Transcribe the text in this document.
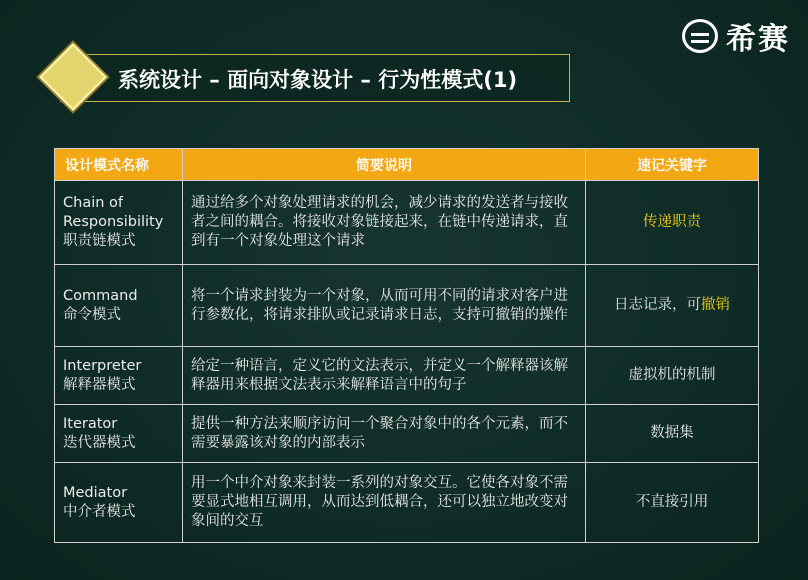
希赛
系统设计 – 面向对象设计 – 行为性模式(1)
设计模式名称	简要说明	速记关键字

Chain of
Responsibility
职责链模式	通过给多个对象处理请求的机会，减少请求的发送者与接收者之间的耦合。将接收对象链接起来，在链中传递请求，直到有一个对象处理这个请求	传递职责

Command
命令模式	将一个请求封装为一个对象，从而可用不同的请求对客户进行参数化，将请求排队或记录请求日志，支持可撤销的操作	日志记录，可撤销

Interpreter
解释器模式	给定一种语言，定义它的文法表示，并定义一个解释器该解释器用来根据文法表示来解释语言中的句子	虚拟机的机制

Iterator
迭代器模式	提供一种方法来顺序访问一个聚合对象中的各个元素，而不需要暴露该对象的内部表示	数据集

Mediator
中介者模式	用一个中介对象来封装一系列的对象交互。它使各对象不需要显式地相互调用，从而达到低耦合，还可以独立地改变对象间的交互	不直接引用
